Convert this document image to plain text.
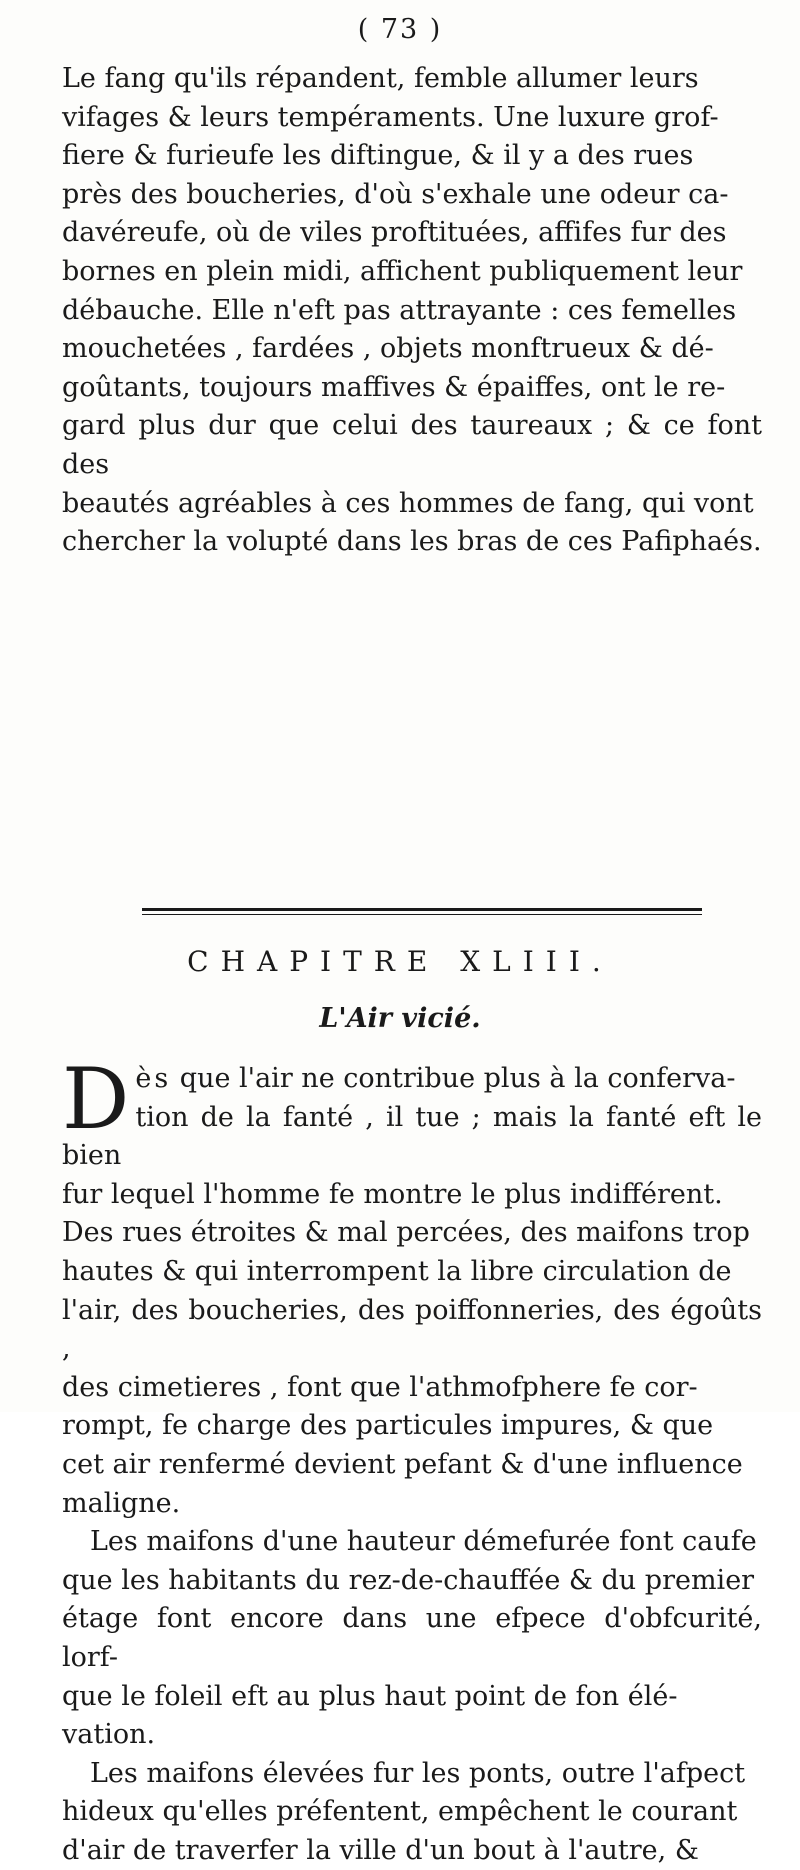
( 73 )

Le fang qu'ils répandent, femble allumer leurs

vifages & leurs tempéraments. Une luxure grof-

fiere & furieufe les diftingue, & il y a des rues

près des boucheries, d'où s'exhale une odeur ca-

davéreufe, où de viles proftituées, affifes fur des

bornes en plein midi, affichent publiquement leur

débauche. Elle n'eft pas attrayante : ces femelles

mouchetées , fardées , objets monftrueux & dé-

goûtants, toujours maffives & épaiffes, ont le re-

gard plus dur que celui des taureaux ; & ce font des

beautés agréables à ces hommes de fang, qui vont

chercher la volupté dans les bras de ces Pafiphaés.

CHAPITRE XLIII.
L'Air vicié.
D ès que l'air ne contribue plus à la conferva-

tion de la fanté , il tue ; mais la fanté eft le bien

fur lequel l'homme fe montre le plus indifférent.

Des rues étroites & mal percées, des maifons trop

hautes & qui interrompent la libre circulation de

l'air, des boucheries, des poiffonneries, des égoûts ,

des cimetieres , font que l'athmofphere fe cor-

rompt, fe charge des particules impures, & que

cet air renfermé devient pefant & d'une influence

maligne.

Les maifons d'une hauteur démefurée font caufe

que les habitants du rez-de-chauffée & du premier

étage font encore dans une efpece d'obfcurité, lorf-

que le foleil eft au plus haut point de fon élé-

vation.

Les maifons élevées fur les ponts, outre l'afpect

hideux qu'elles préfentent, empêchent le courant

d'air de traverfer la ville d'un bout à l'autre, &
